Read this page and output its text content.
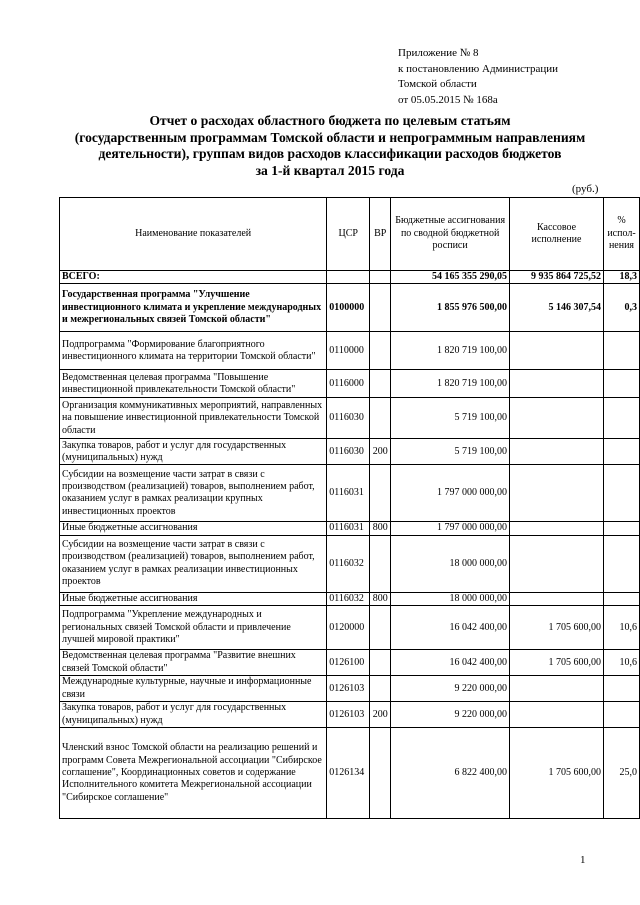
Приложение № 8
к постановлению Администрации
Томской области
от 05.05.2015 № 168а
Отчет о расходах областного бюджета по целевым статьям
(государственным программам Томской области и непрограммным направлениям
деятельности), группам видов расходов классификации расходов бюджетов
за 1-й квартал 2015 года
(руб.)
Наименование показателей	ЦСР	ВР	Бюджетные ассигнования по сводной бюджетной росписи	Кассовое исполнение	% испол-нения
ВСЕГО:			54 165 355 290,05	9 935 864 725,52	18,3
Государственная программа "Улучшение инвестиционного климата и укрепление международных и межрегиональных связей Томской области"	0100000		1 855 976 500,00	5 146 307,54	0,3
Подпрограмма "Формирование благоприятного инвестиционного климата на территории Томской области"	0110000		1 820 719 100,00		
Ведомственная целевая программа "Повышение инвестиционной привлекательности Томской области"	0116000		1 820 719 100,00		
Организация коммуникативных мероприятий, направленных на повышение инвестиционной привлекательности Томской области	0116030		5 719 100,00		
Закупка товаров, работ и услуг для государственных (муниципальных) нужд	0116030	200	5 719 100,00		
Субсидии на возмещение части затрат в связи с производством (реализацией) товаров, выполнением работ, оказанием услуг в рамках реализации крупных инвестиционных проектов	0116031		1 797 000 000,00		
Иные бюджетные ассигнования	0116031	800	1 797 000 000,00		
Субсидии на возмещение части затрат в связи с производством (реализацией) товаров, выполнением работ, оказанием услуг в рамках реализации инвестиционных проектов	0116032		18 000 000,00		
Иные бюджетные ассигнования	0116032	800	18 000 000,00		
Подпрограмма "Укрепление международных и региональных связей Томской области и привлечение лучшей мировой практики"	0120000		16 042 400,00	1 705 600,00	10,6
Ведомственная целевая программа "Развитие внешних связей Томской области"	0126100		16 042 400,00	1 705 600,00	10,6
Международные культурные, научные и информационные связи	0126103		9 220 000,00		
Закупка товаров, работ и услуг для государственных (муниципальных) нужд	0126103	200	9 220 000,00		
Членский взнос Томской области на реализацию решений и программ Совета Межрегиональной ассоциации "Сибирское соглашение", Координационных советов и содержание Исполнительного комитета Межрегиональной ассоциации "Сибирское соглашение"	0126134		6 822 400,00	1 705 600,00	25,0
1
